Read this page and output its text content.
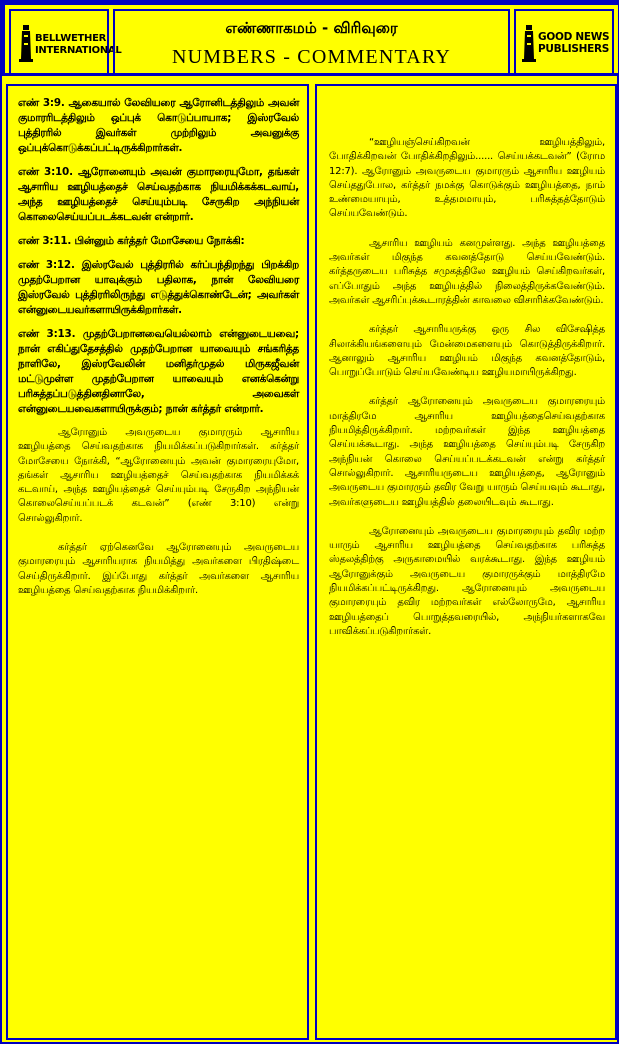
BELLWETHER
INTERNATIONAL
எண்ணாகமம் - விரிவுரை
NUMBERS - COMMENTARY
GOOD NEWS
PUBLISHERS

எண் 3:9. ஆகையால் லேவியரை ஆரோனிடத்திலும் அவன் குமாரரிடத்திலும் ஒப்புக் கொடுப்பாயாக; இஸ்ரவேல் புத்திரரில் இவர்கள் முற்றிலும் அவனுக்கு ஒப்புக்கொடுக்கப்பட்டிருக்கிறார்கள்.

எண் 3:10. ஆரோனையும் அவன் குமாரரையுமோ, தங்கள் ஆசாரிய ஊழியத்தைச் செய்வதற்காக நியமிக்கக்கடவாய், அந்த ஊழியத்தைச் செய்யும்படி சேருகிற அந்நியன் கொலைசெய்யப்படக்கடவன் என்றார்.

எண் 3:11. பின்னும் கர்த்தர் மோசேயை நோக்கி:

எண் 3:12. இஸ்ரவேல் புத்திரரில் கர்ப்பந்திறந்து பிறக்கிற முதற்பேறான யாவுக்கும் பதிலாக, நான் லேவியரை இஸ்ரவேல் புத்திரரிலிருந்து எடுத்துக்கொண்டேன்; அவர்கள் என்னுடையவர்களாயிருக்கிறார்கள்.

எண் 3:13. முதற்பேறானவையெல்லாம் என்னுடையவை; நான் எகிப்துதேசத்தில் முதற்பேறான யாவையும் சங்கரித்த நாளிலே, இஸ்ரவேலின் மனிதர்முதல் மிருகஜீவன் மட்டுமுள்ள முதற்பேறான யாவையும் எனக்கென்று பரிசுத்தப்படுத்தினதினாலே, அவைகள் என்னுடையவைகளாயிருக்கும்; நான் கர்த்தர் என்றார்.

ஆரோனும் அவருடைய குமாரரும் ஆசாரிய ஊழியத்தை செய்வதற்காக நியமிக்கப்படுகிறார்கள். கர்த்தர் மோசேயை நோக்கி, “ஆரோனையும் அவன் குமாரரையுமோ, தங்கள் ஆசாரிய ஊழியத்தைச் செய்வதற்காக நியமிக்கக் கடவாய், அந்த ஊழியத்தைச் செய்யும்படி சேருகிற அந்நியன் கொலைசெய்யப்படக் கடவன்” (எண் 3:10) என்று சொல்லுகிறார்.

கர்த்தர் ஏற்கெனவே ஆரோனையும் அவருடைய குமாரரையும் ஆசாரியராக நியமித்து அவர்களை பிரதிஷ்டை செய்திருக்கிறார். இப்போது கர்த்தர் அவர்களை ஆசாரிய ஊழியத்தை செய்வதற்காக நியமிக்கிறார்.

“ஊழியஞ்செய்கிறவன் ஊழியத்திலும், போதிக்கிறவன் போதிக்கிறதிலும்...... செய்யக்கடவன்” (ரோம 12:7). ஆரோனும் அவருடைய குமாரரும் ஆசாரிய ஊழியம் செய்ததுபோல, கர்த்தர் நமக்கு கொடுக்கும் ஊழியத்தை, நாம் உண்மையாயும், உத்தமமாயும், பரிசுத்தத்தோடும் செய்யவேண்டும்.

ஆசாரிய ஊழியம் கனமுள்ளது. அந்த ஊழியத்தை அவர்கள் மிகுந்த கவனத்தோடு செய்யவேண்டும். கர்த்தருடைய பரிசுத்த சமுகத்திலே ஊழியம் செய்கிறவர்கள், எப்போதும் அந்த ஊழியத்தில் நிலைத்திருக்கவேண்டும். அவர்கள் ஆசரிப்புக்கூடாரத்தின் காவலை விசாரிக்கவேண்டும்.

கர்த்தர் ஆசாரியருக்கு ஒரு சில விசேஷித்த சிலாக்கியங்களையும் மேன்மைகளையும் கொடுத்திருக்கிறார். ஆனாலும் ஆசாரிய ஊழியம் மிகுந்த கவனத்தோடும், பொறுப்போடும் செய்யவேண்டிய ஊழியமாயிருக்கிறது.

கர்த்தர் ஆரோனையும் அவருடைய குமாரரையும் மாத்திரமே ஆசாரிய ஊழியத்தைசெய்வதற்காக நியமித்திருக்கிறார். மற்றவர்கள் இந்த ஊழியத்தை செய்யக்கூடாது. அந்த ஊழியத்தை செய்யும்படி சேருகிற அந்நியன் கொலை செய்யப்படக்கடவன் என்று கர்த்தர் சொல்லுகிறார். ஆசாரியருடைய ஊழியத்தை, ஆரோனும் அவருடைய குமாரரும் தவிர வேறு யாரும் செய்யவும் கூடாது, அவர்களுடைய ஊழியத்தில் தலையிடவும் கூடாது.

ஆரோனையும் அவருடைய குமாரரையும் தவிர மற்ற யாரும் ஆசாரிய ஊழியத்தை செய்வதற்காக பரிசுத்த ஸ்தலத்திற்கு அருகாமையில் வரக்கூடாது. இந்த ஊழியம் ஆரோனுக்கும் அவருடைய குமாரருக்கும் மாத்திரமே நியமிக்கப்பட்டிருக்கிறது. ஆரோனையும் அவருடைய குமாரரையும் தவிர மற்றவர்கள் எல்லோருமே, ஆசாரிய ஊழியத்தைப் பொறுத்தவரையில், அந்நியர்களாகவே பாவிக்கப்படுகிறார்கள்.
